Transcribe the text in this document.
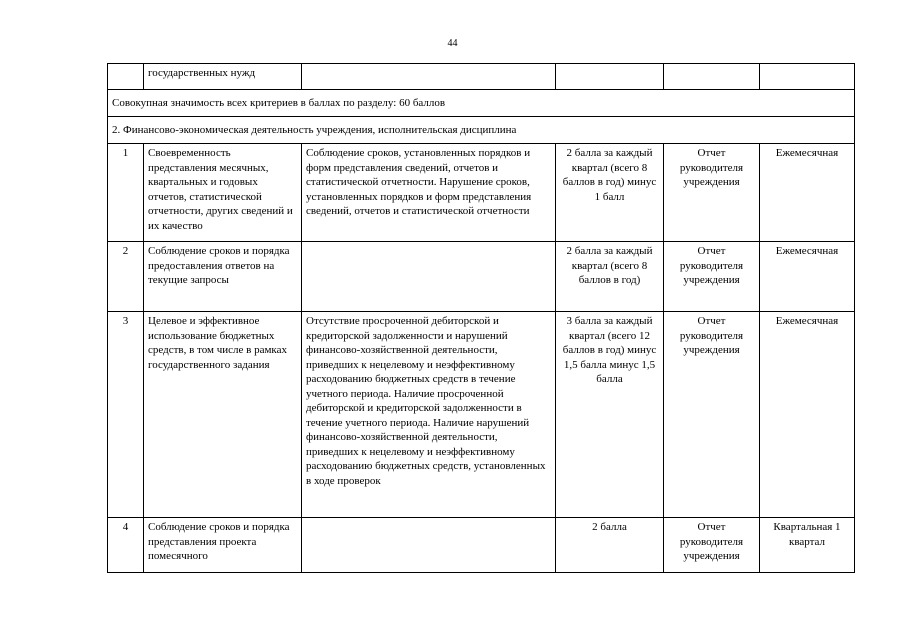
44
	государственных нужд				
Совокупная значимость всех критериев в баллах по разделу: 60 баллов					
2. Финансово-экономическая деятельность учреждения, исполнительская дисциплина					
1	Своевременность представления месячных, квартальных и годовых отчетов, статистической отчетности, других сведений и их качество	Соблюдение сроков, установленных порядков и форм представления сведений, отчетов и статистической отчетности. Нарушение сроков, установленных порядков и форм представления сведений, отчетов и статистической отчетности	2 балла за каждый квартал (всего 8 баллов в год) минус 1 балл	Отчет руководителя учреждения	Ежемесячная
2	Соблюдение сроков и порядка предоставления ответов на текущие запросы		2 балла за каждый квартал (всего 8 баллов в год)	Отчет руководителя учреждения	Ежемесячная
3	Целевое и эффективное использование бюджетных средств, в том числе в рамках государственного задания	Отсутствие просроченной дебиторской и кредиторской задолженности и нарушений финансово-хозяйственной деятельности, приведших к нецелевому и неэффективному расходованию бюджетных средств в течение учетного периода. Наличие просроченной дебиторской и кредиторской задолженности в течение учетного периода. Наличие нарушений финансово-хозяйственной деятельности, приведших к нецелевому и неэффективному расходованию бюджетных средств, установленных в ходе проверок	3 балла за каждый квартал (всего 12 баллов в год) минус 1,5 балла минус 1,5 балла	Отчет руководителя учреждения	Ежемесячная
4	Соблюдение сроков и порядка представления проекта помесячного		2 балла	Отчет руководителя учреждения	Квартальная 1 квартал
